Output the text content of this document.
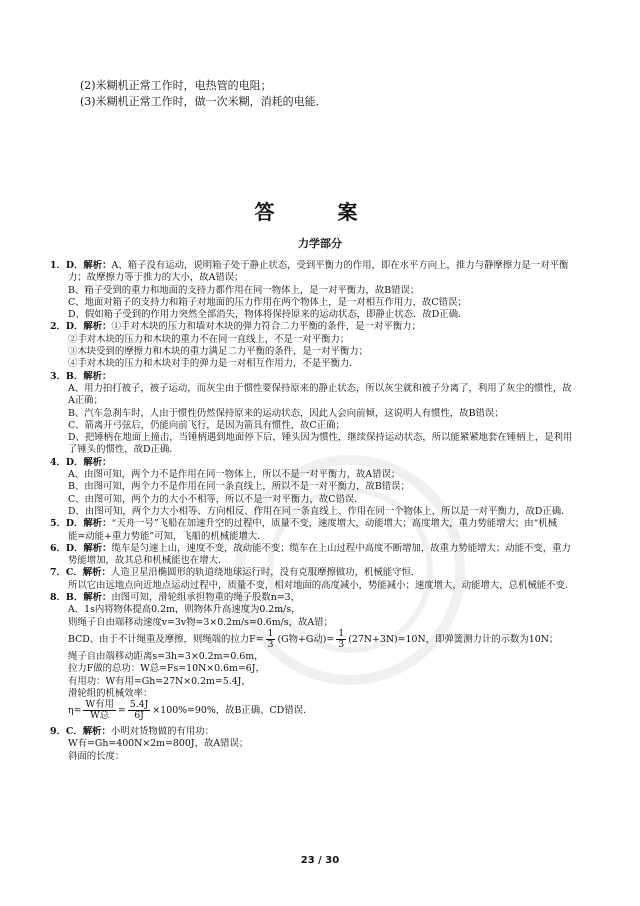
(2)米糊机正常工作时，电热管的电阻；
(3)米糊机正常工作时，做一次米糊，消耗的电能．
答 案
力学部分
1．D．解析：A、箱子没有运动，说明箱子处于静止状态，受到平衡力的作用，即在水平方向上，推力与静摩擦力是一对平衡
力；故摩擦力等于推力的大小，故A错误；
B、箱子受到的重力和地面的支持力都作用在同一物体上，是一对平衡力，故B错误；
C、地面对箱子的支持力和箱子对地面的压力作用在两个物体上，是一对相互作用力，故C错误；
D、假如箱子受到的作用力突然全部消失，物体将保持原来的运动状态，即静止状态．故D正确．
2．D．解析：①手对木块的压力和墙对木块的弹力符合二力平衡的条件，是一对平衡力；
②手对木块的压力和木块的重力不在同一直线上，不是一对平衡力；
③木块受到的摩擦力和木块的重力满足二力平衡的条件，是一对平衡力；
④手对木块的压力和木块对手的弹力是一对相互作用力，不是平衡力．
3．B．解析：
A、用力拍打被子，被子运动，而灰尘由于惯性要保持原来的静止状态，所以灰尘就和被子分离了，利用了灰尘的惯性，故
A正确；
B、汽车急刹车时，人由于惯性仍然保持原来的运动状态，因此人会向前倾，这说明人有惯性，故B错误；
C、箭离开弓弦后，仍能向前飞行，是因为箭具有惯性，故C正确；
D、把锤柄在地面上撞击，当锤柄遇到地面停下后，锤头因为惯性，继续保持运动状态，所以能紧紧地套在锤柄上，是利用
了锤头的惯性，故D正确．
4．D．解析：
A、由图可知，两个力不是作用在同一物体上，所以不是一对平衡力，故A错误；
B、由图可知，两个力不是作用在同一条直线上，所以不是一对平衡力，故B错误；
C、由图可知，两个力的大小不相等，所以不是一对平衡力，故C错误．
D、由图可知，两个力大小相等、方向相反、作用在同一条直线上、作用在同一个物体上，所以是一对平衡力，故D正确．
5．D．解析：“天舟一号”飞船在加速升空的过程中，质量不变，速度增大，动能增大；高度增大，重力势能增大；由“机械
能=动能+重力势能”可知，飞船的机械能增大．
6．D．解析：缆车是匀速上山，速度不变，故动能不变；缆车在上山过程中高度不断增加，故重力势能增大；动能不变，重力
势能增加，故其总和机械能也在增大．
7．C．解析：人造卫星沿椭圆形的轨道绕地球运行时，没有克服摩擦做功，机械能守恒．
所以它由远地点向近地点运动过程中，质量不变，相对地面的高度减小，势能减小；速度增大，动能增大，总机械能不变．
8．B．解析：由图可知，滑轮组承担物重的绳子股数n=3，
A、1s内将物体提高0.2m，则物体升高速度为0.2m/s，
则绳子自由端移动速度v=3v物=3×0.2m/s=0.6m/s，故A错；
BCD、由于不计绳重及摩擦，则绳端的拉力$F= \frac{1}{3} (G$物+G动)= $\frac{1}{3} (27N+3N)=10N$，即弹簧测力计的示数为10N；
绳子自由端移动距离s=3h=3×0.2m=0.6m，
拉力F做的总功：W总=Fs=10N×0.6m=6J，
有用功：W有用=Gh=27N×0.2m=5.4J，
滑轮组的机械效率：
$\eta= \frac{\text{W有用}}{\text{W总}} = \frac{5.4J}{6J} \times 100\%=90\%$，故B正确、CD错误．
9．C．解析：小明对货物做的有用功：
W有=Gh=400N×2m=800J，故A错误；
斜面的长度：
23 / 30
